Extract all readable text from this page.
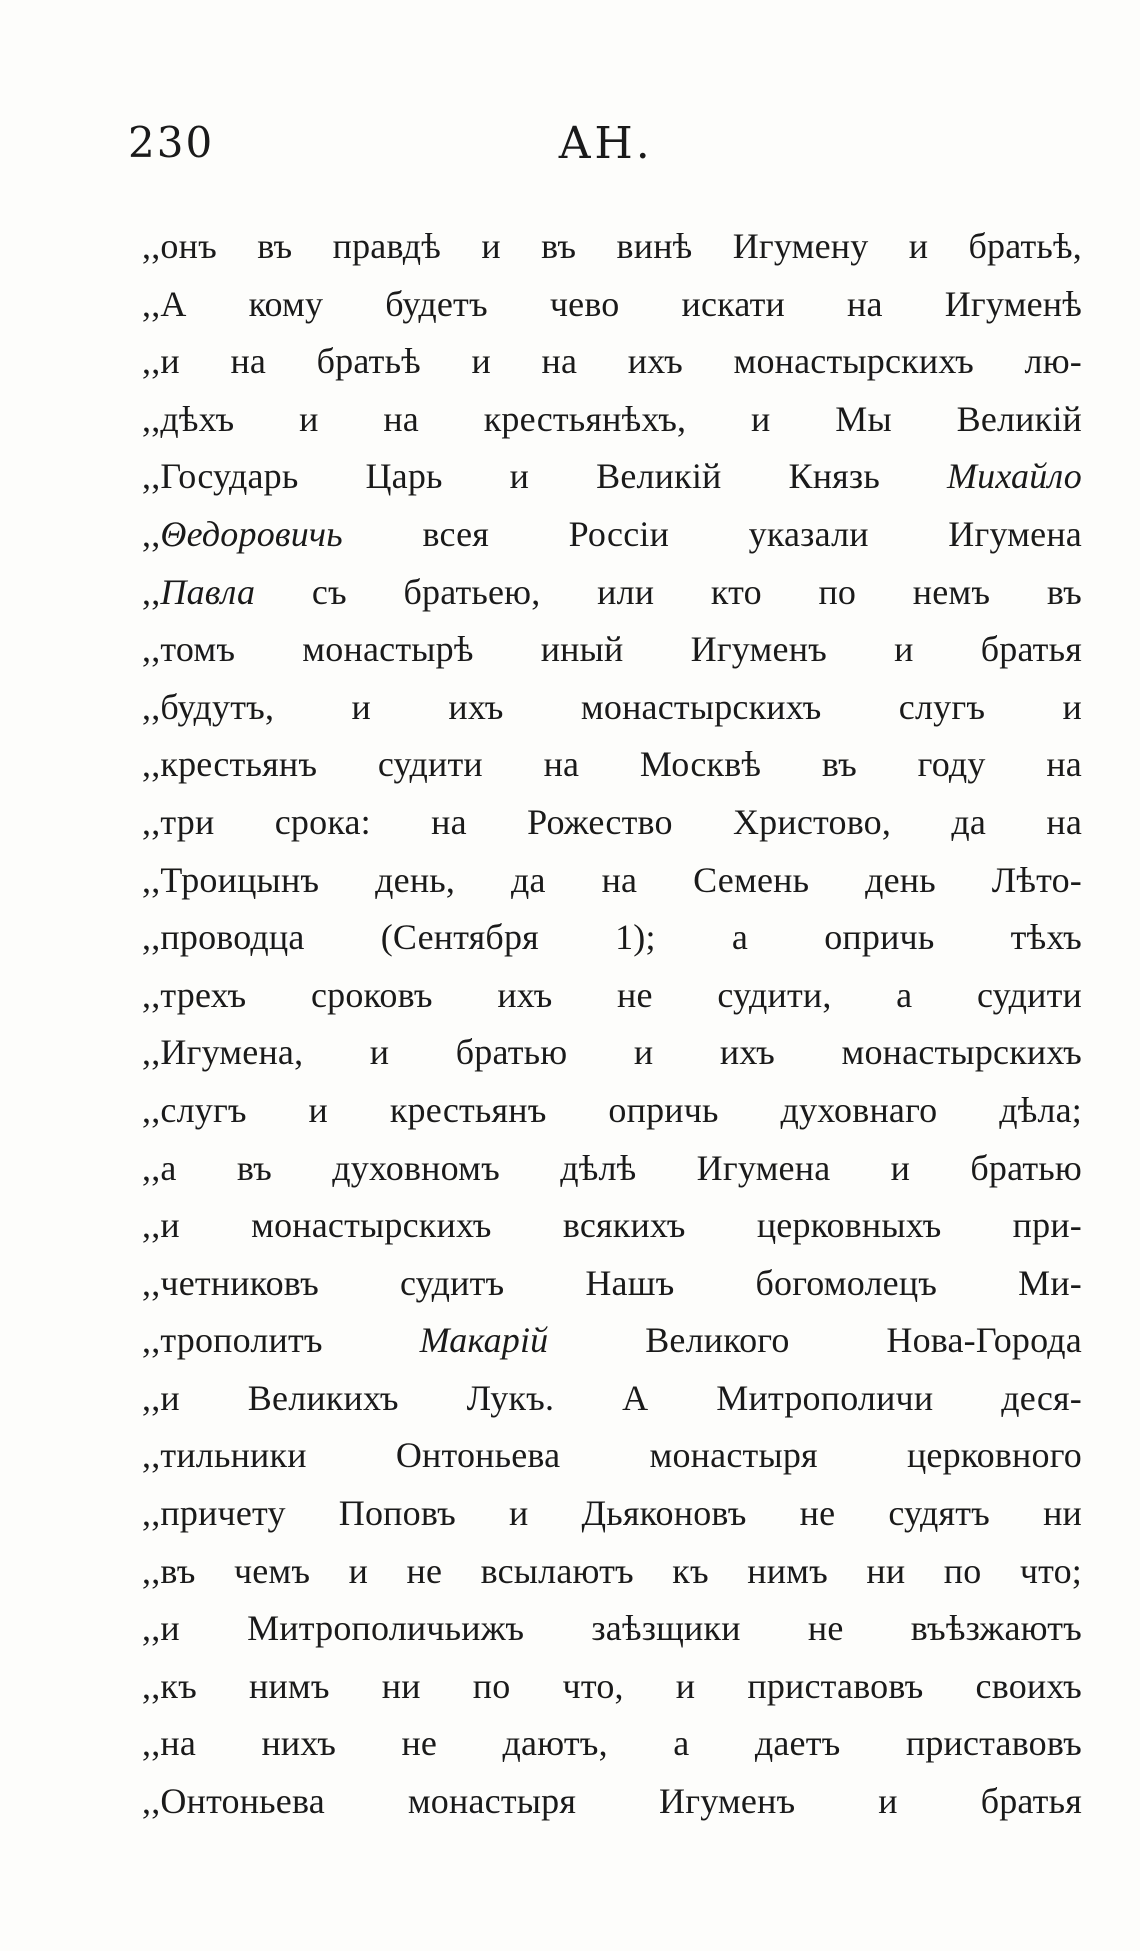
230	АН.
,,онъ въ правдѣ и въ винѣ Игумену и братьѣ,
,,А кому будетъ чево искати на Игуменѣ
,,и на братьѣ и на ихъ монастырскихъ лю-
,,дѣхъ и на крестьянѣхъ, и Мы Великій
,,Государь Царь и Великій Князь Михайло
,,Θедоровичь всея Россіи указали Игумена
,,Павла съ братьею, или кто по немъ въ
,,томъ монастырѣ иный Игуменъ и братья
,,будутъ, и ихъ монастырскихъ слугъ и
,,крестьянъ судити на Москвѣ въ году на
,,три срока: на Рожество Христово, да на
,,Троицынъ день, да на Семень день Лѣто-
,,проводца (Сентября 1); а опричь тѣхъ
,,трехъ сроковъ ихъ не судити, а судити
,,Игумена, и братью и ихъ монастырскихъ
,,слугъ и крестьянъ опричь духовнаго дѣла;
,,а въ духовномъ дѣлѣ Игумена и братью
,,и монастырскихъ всякихъ церковныхъ при-
,,четниковъ судитъ Нашъ богомолецъ Ми-
,,трополитъ Макарій Великого Нова-Города
,,и Великихъ Лукъ. А Митрополичи деся-
,,тильники Онтоньева монастыря церковного
,,причету Поповъ и Дьяконовъ не судятъ ни
,,въ чемъ и не всылаютъ къ нимъ ни по что;
,,и Митрополичьижъ заѣзщики не въѣзжаютъ
,,къ нимъ ни по что, и приставовъ своихъ
,,на нихъ не даютъ, а даетъ приставовъ
,,Онтоньева монастыря Игуменъ и братья
